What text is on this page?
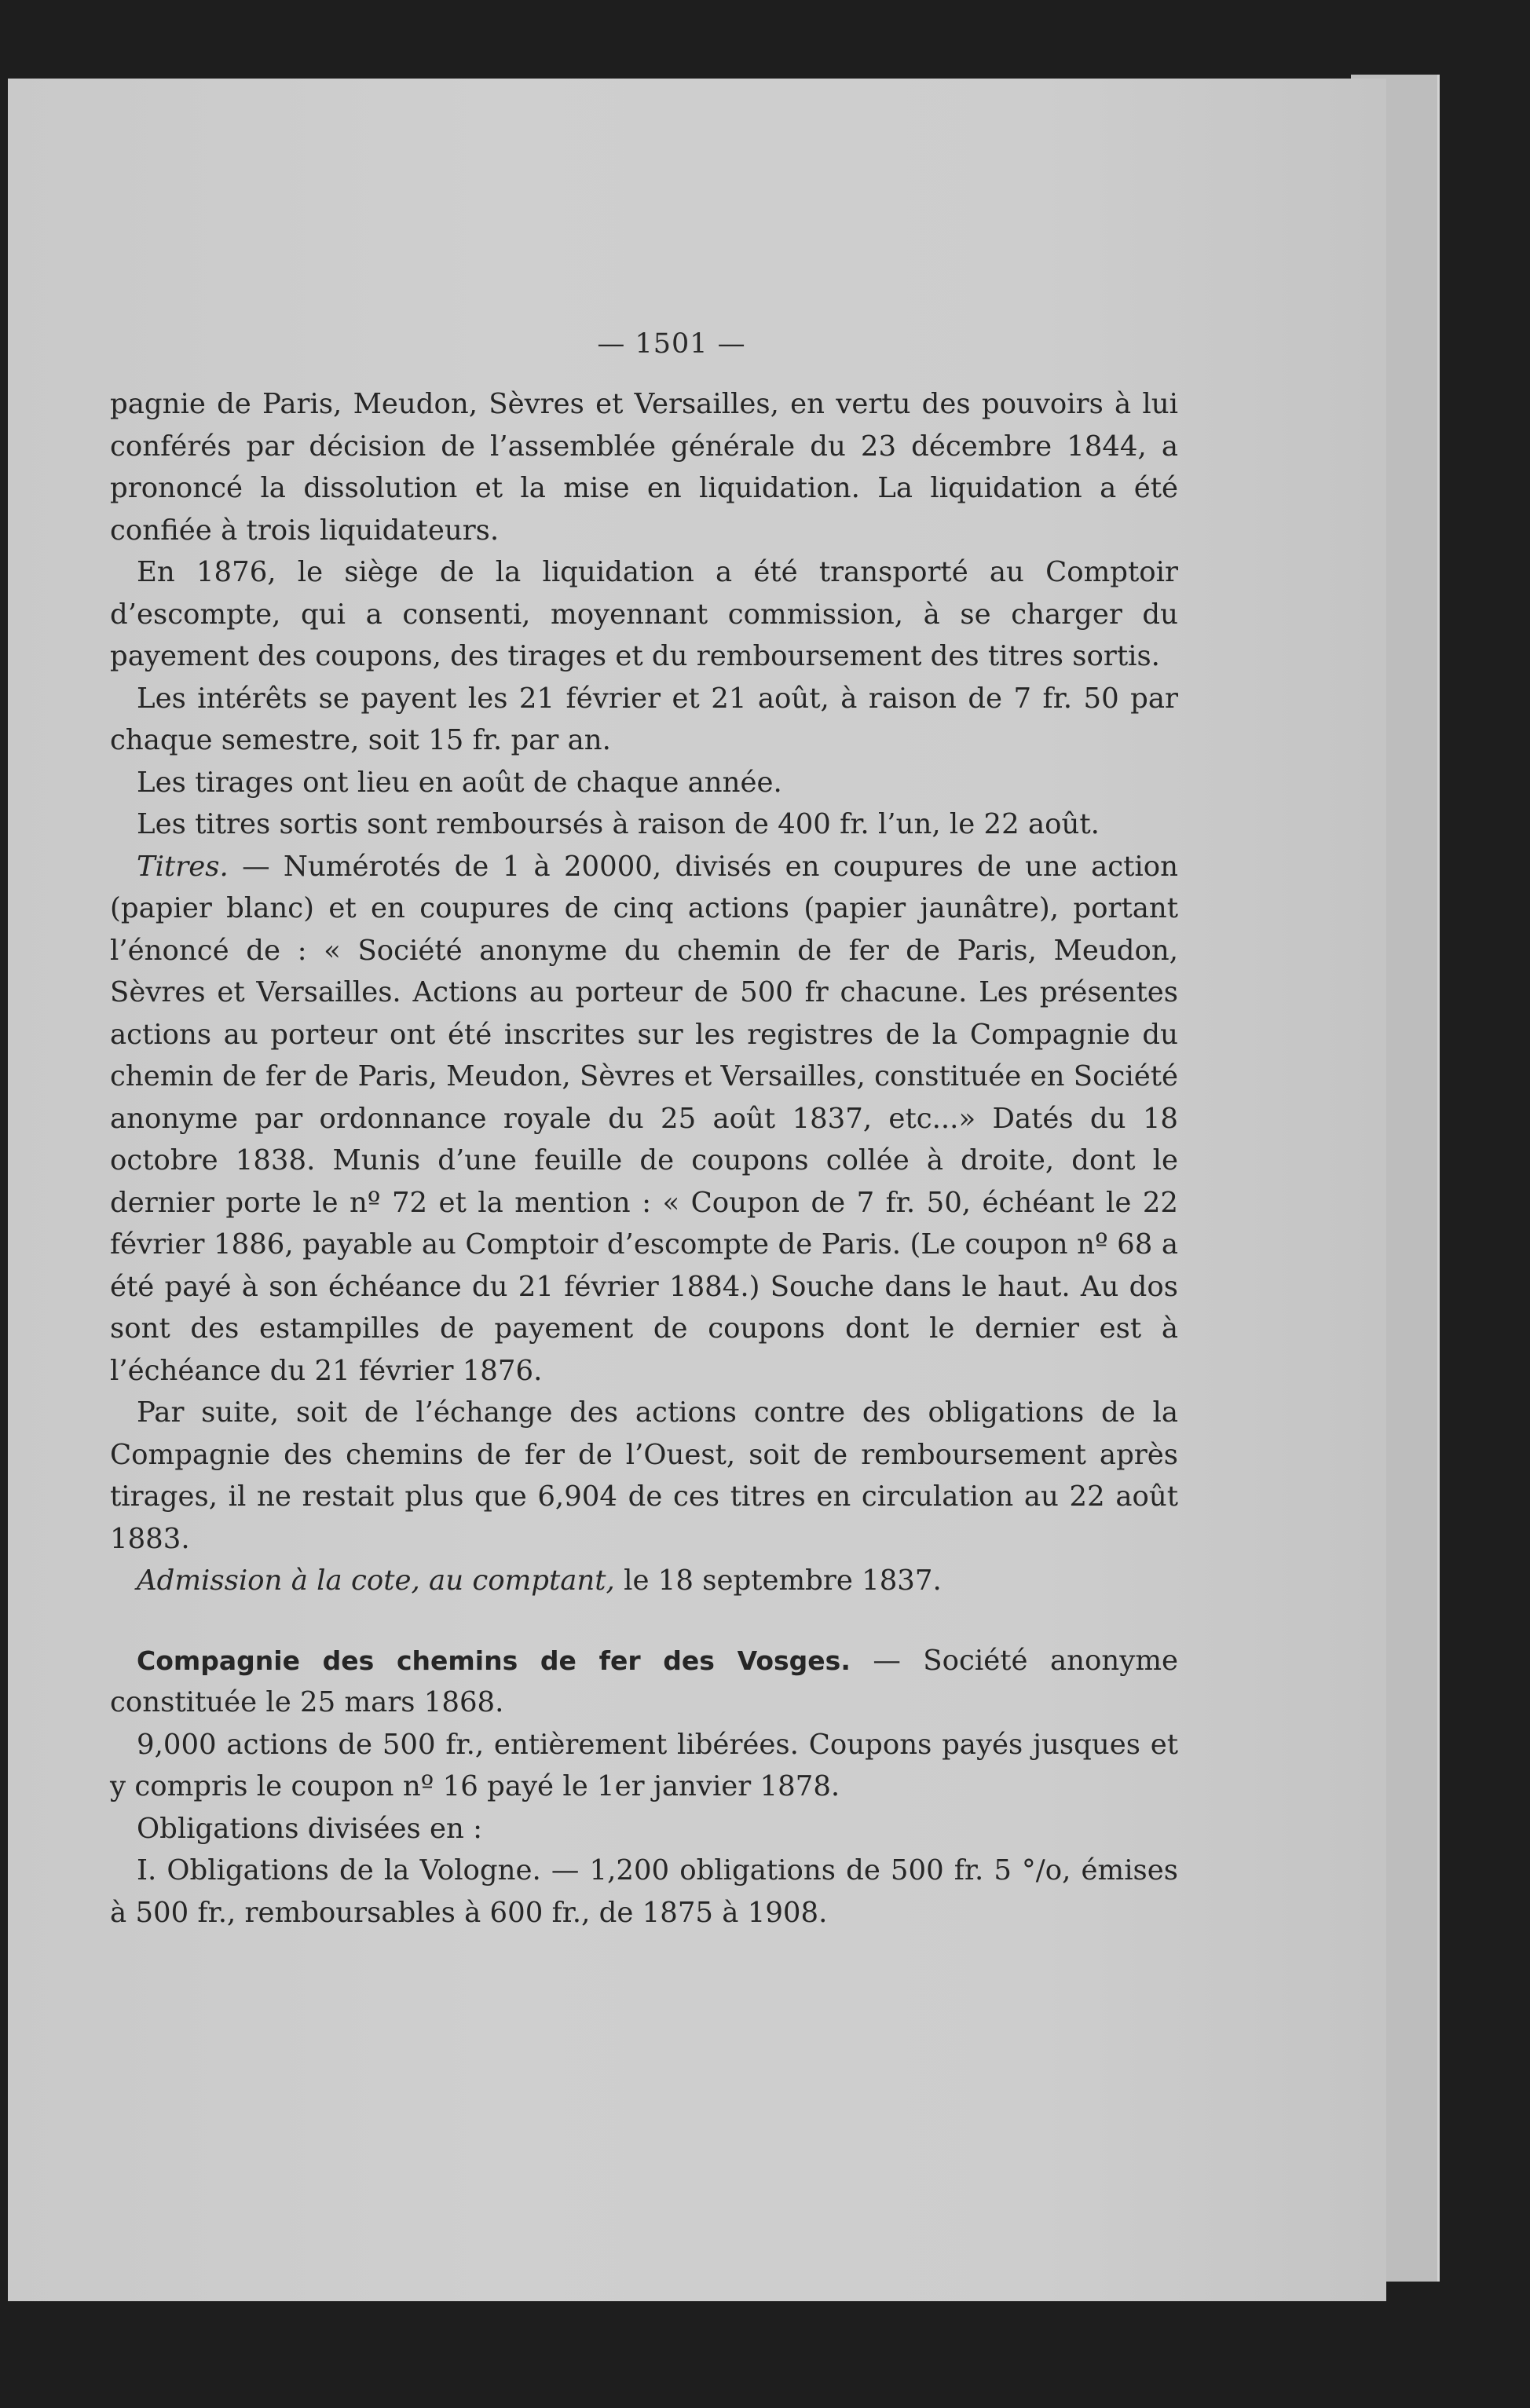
— 1501 —

pagnie de Paris, Meudon, Sèvres et Versailles, en vertu des pouvoirs à lui conférés par décision de l’assemblée générale du 23 décembre 1844, a prononcé la dissolution et la mise en liquidation. La liquidation a été confiée à trois liquidateurs.

En 1876, le siège de la liquidation a été transporté au Comptoir d’escompte, qui a consenti, moyennant commission, à se charger du payement des coupons, des tirages et du remboursement des titres sortis.

Les intérêts se payent les 21 février et 21 août, à raison de 7 fr. 50 par chaque semestre, soit 15 fr. par an.

Les tirages ont lieu en août de chaque année.

Les titres sortis sont remboursés à raison de 400 fr. l’un, le 22 août.

Titres. — Numérotés de 1 à 20000, divisés en coupures de une action (papier blanc) et en coupures de cinq actions (papier jaunâtre), portant l’énoncé de : « Société anonyme du chemin de fer de Paris, Meudon, Sèvres et Versailles. Actions au porteur de 500 fr chacune. Les présentes actions au porteur ont été inscrites sur les registres de la Compagnie du chemin de fer de Paris, Meudon, Sèvres et Versailles, constituée en Société anonyme par ordonnance royale du 25 août 1837, etc...» Datés du 18 octobre 1838. Munis d’une feuille de coupons collée à droite, dont le dernier porte le nº 72 et la mention : « Coupon de 7 fr. 50, échéant le 22 février 1886, payable au Comptoir d’escompte de Paris. (Le coupon nº 68 a été payé à son échéance du 21 février 1884.) Souche dans le haut. Au dos sont des estampilles de payement de coupons dont le dernier est à l’échéance du 21 février 1876.

Par suite, soit de l’échange des actions contre des obligations de la Compagnie des chemins de fer de l’Ouest, soit de remboursement après tirages, il ne restait plus que 6,904 de ces titres en circulation au 22 août 1883.

Admission à la cote, au comptant, le 18 septembre 1837.

Compagnie des chemins de fer des Vosges. — Société anonyme constituée le 25 mars 1868.

9,000 actions de 500 fr., entièrement libérées. Coupons payés jusques et y compris le coupon nº 16 payé le 1er janvier 1878.

Obligations divisées en :

I. Obligations de la Vologne. — 1,200 obligations de 500 fr. 5 °/o, émises à 500 fr., remboursables à 600 fr., de 1875 à 1908.
